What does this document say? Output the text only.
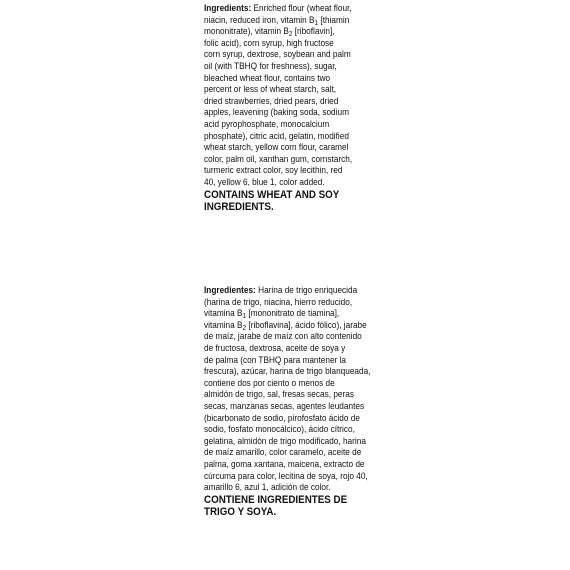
Ingredients: Enriched flour (wheat flour,
niacin, reduced iron, vitamin $B_1$ [thiamin
mononitrate), vitamin $B_2$ [riboflavin],
folic acid), corn syrup, high fructose
corn syrup, dextrose, soybean and palm
oil (with TBHQ for freshness), sugar,
bleached wheat flour, contains two
percent or less of wheat starch, salt,
dried strawberries, dried pears, dried
apples, leavening (baking soda, sodium
acid pyrophosphate, monocalcium
phosphate), citric acid, gelatin, modified
wheat starch, yellow corn flour, caramel
color, palm oil, xanthan gum, cornstarch,
turmeric extract color, soy lecithin, red
40, yellow 6, blue 1, color added.
CONTAINS WHEAT AND SOY
INGREDIENTS.
Ingredientes: Harina de trigo enriquecida
(harina de trigo, niacina, hierro reducido,
vitamina $B_1$ [mononitrato de tiamina],
vitamina $B_2$ [riboflavina], ácido fólico), jarabe
de maíz, jarabe de maíz con alto contenido
de fructosa, dextrosa, aceite de soya y
de palma (con TBHQ para mantener la
frescura), azúcar, harina de trigo blanqueada,
contiene dos por ciento o menos de
almidón de trigo, sal, fresas secas, peras
secas, manzanas secas, agentes leudantes
(bicarbonato de sodio, pirofosfato ácido de
sodio, fosfato monocálcico), ácido cítrico,
gelatina, almidón de trigo modificado, harina
de maíz amarillo, color caramelo, aceite de
palma, goma xantana, maicena, extracto de
cúrcuma para color, lecitina de soya, rojo 40,
amarillo 6, azul 1, adición de color.
CONTIENE INGREDIENTES DE
TRIGO Y SOYA.
